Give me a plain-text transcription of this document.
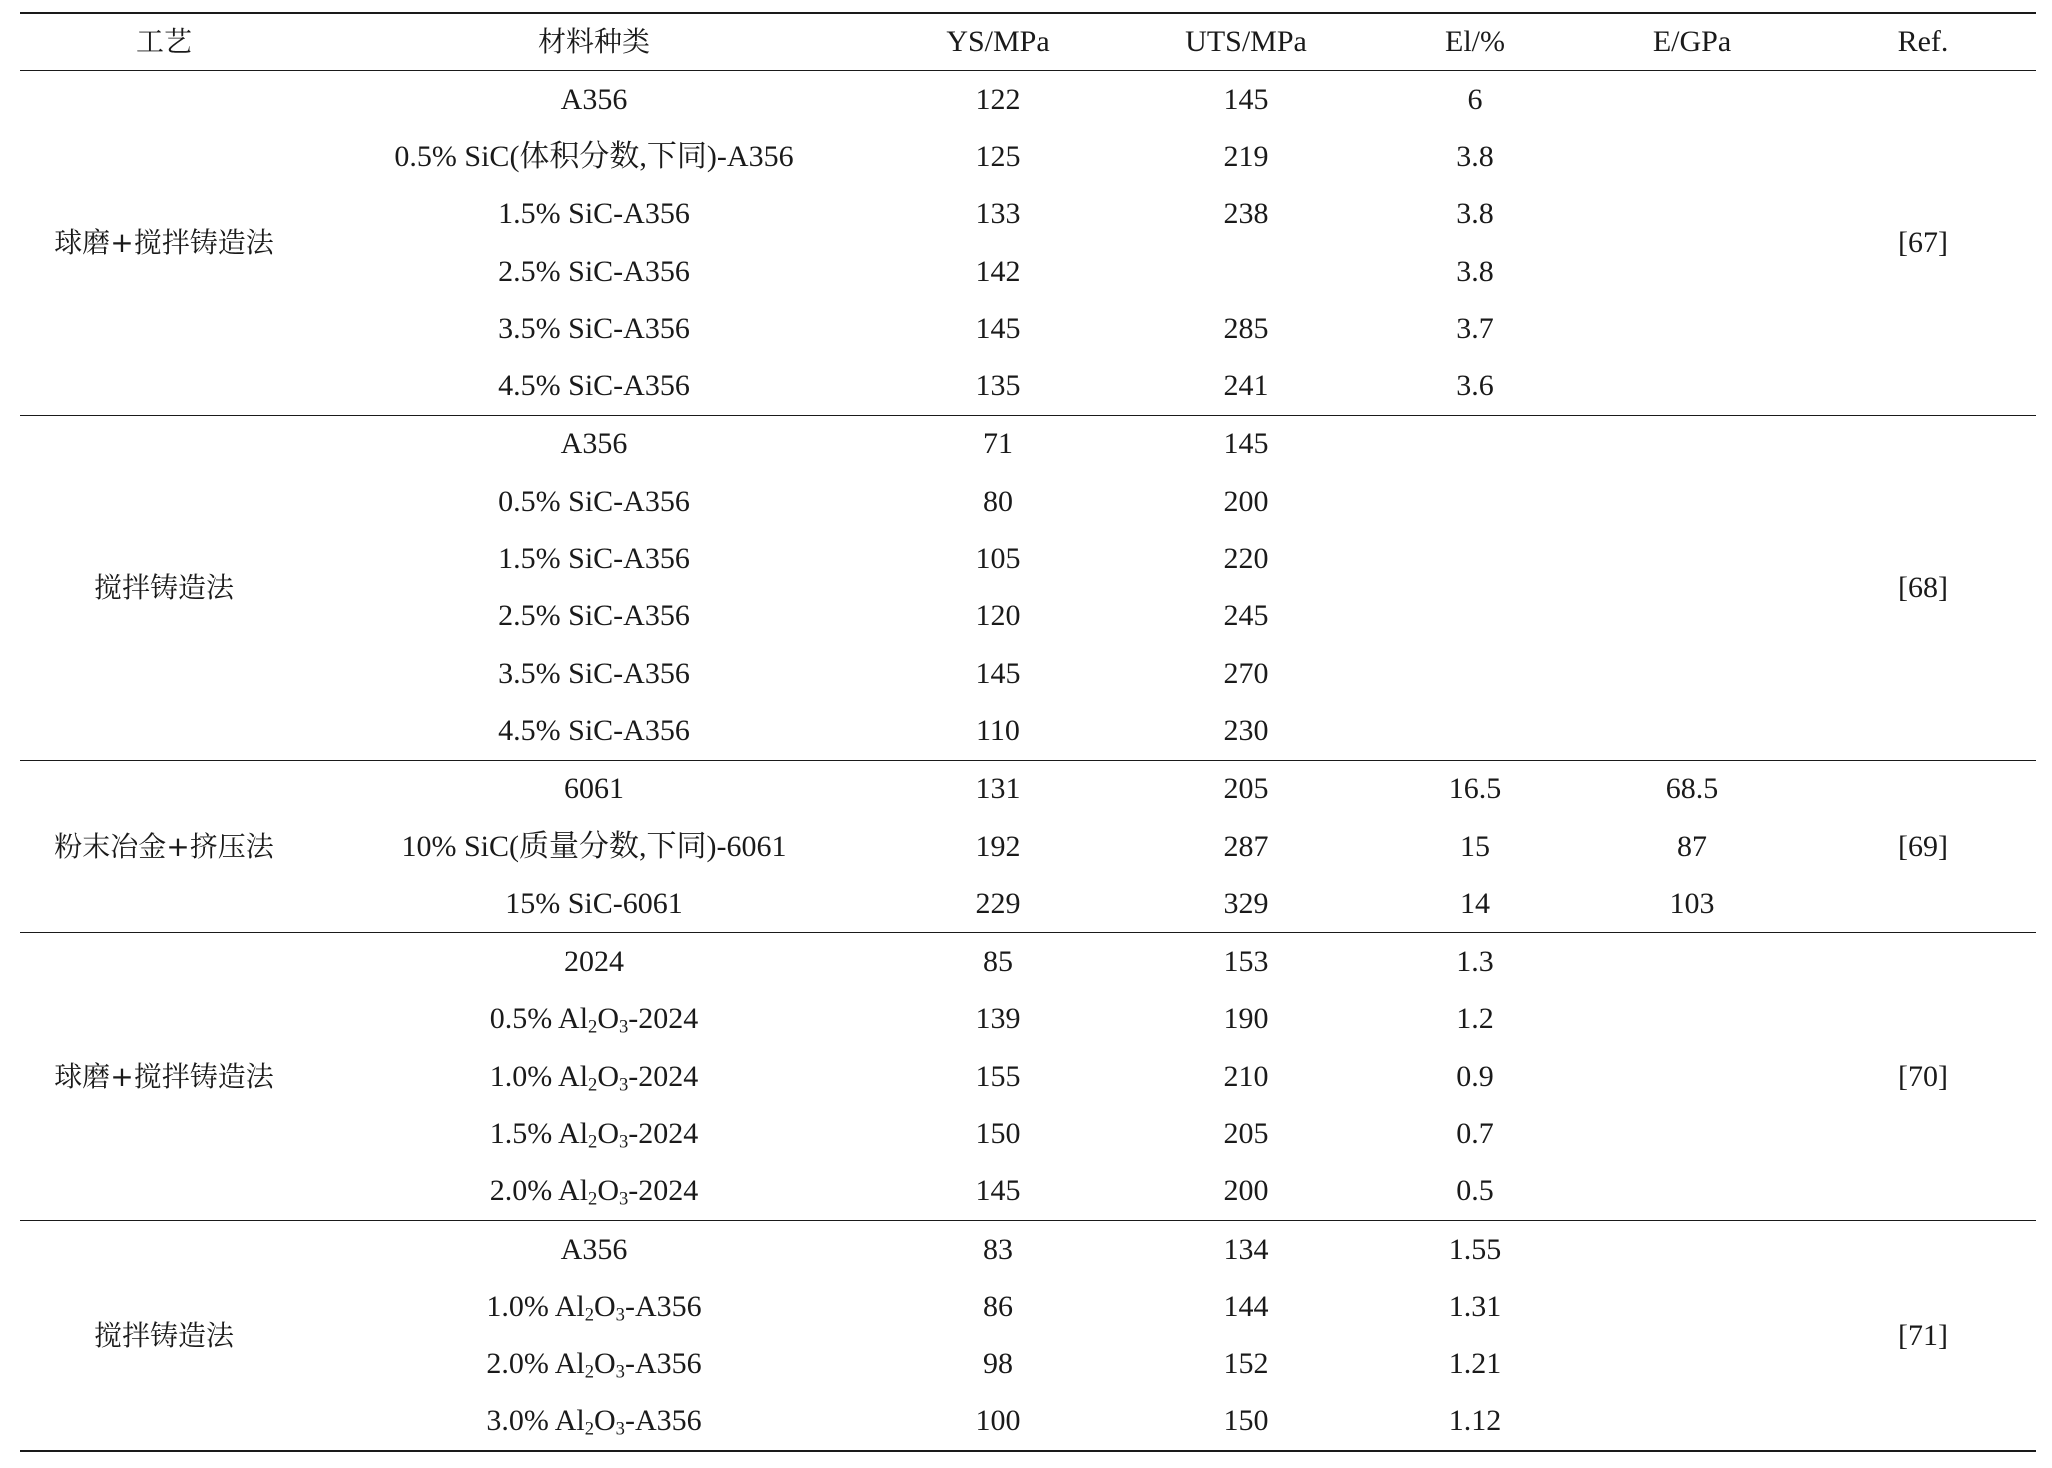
工艺	材料种类	YS/MPa	UTS/MPa	El/%	E/GPa	Ref.
球磨+搅拌铸造法	A356	122	145	6		[67]
	0.5% SiC(体积分数,下同)-A356	125	219	3.8		
	1.5% SiC-A356	133	238	3.8		
	2.5% SiC-A356	142		3.8		
	3.5% SiC-A356	145	285	3.7		
	4.5% SiC-A356	135	241	3.6		
搅拌铸造法	A356	71	145			[68]
	0.5% SiC-A356	80	200			
	1.5% SiC-A356	105	220			
	2.5% SiC-A356	120	245			
	3.5% SiC-A356	145	270			
	4.5% SiC-A356	110	230			
粉末冶金+挤压法	6061	131	205	16.5	68.5	[69]
	10% SiC(质量分数,下同)-6061	192	287	15	87	
	15% SiC-6061	229	329	14	103	
球磨+搅拌铸造法	2024	85	153	1.3		[70]
	0.5% $Al_2O_3-2024$	139	190	1.2		
	1.0% $Al_2O_3-2024$	155	210	0.9		
	1.5% $Al_2O_3-2024$	150	205	0.7		
	2.0% $Al_2O_3-2024$	145	200	0.5		
搅拌铸造法	A356	83	134	1.55		[71]
	1.0% $Al_2O_3-A356$	86	144	1.31		
	2.0% $Al_2O_3-A356$	98	152	1.21		
	3.0% $Al_2O_3-A356$	100	150	1.12		
